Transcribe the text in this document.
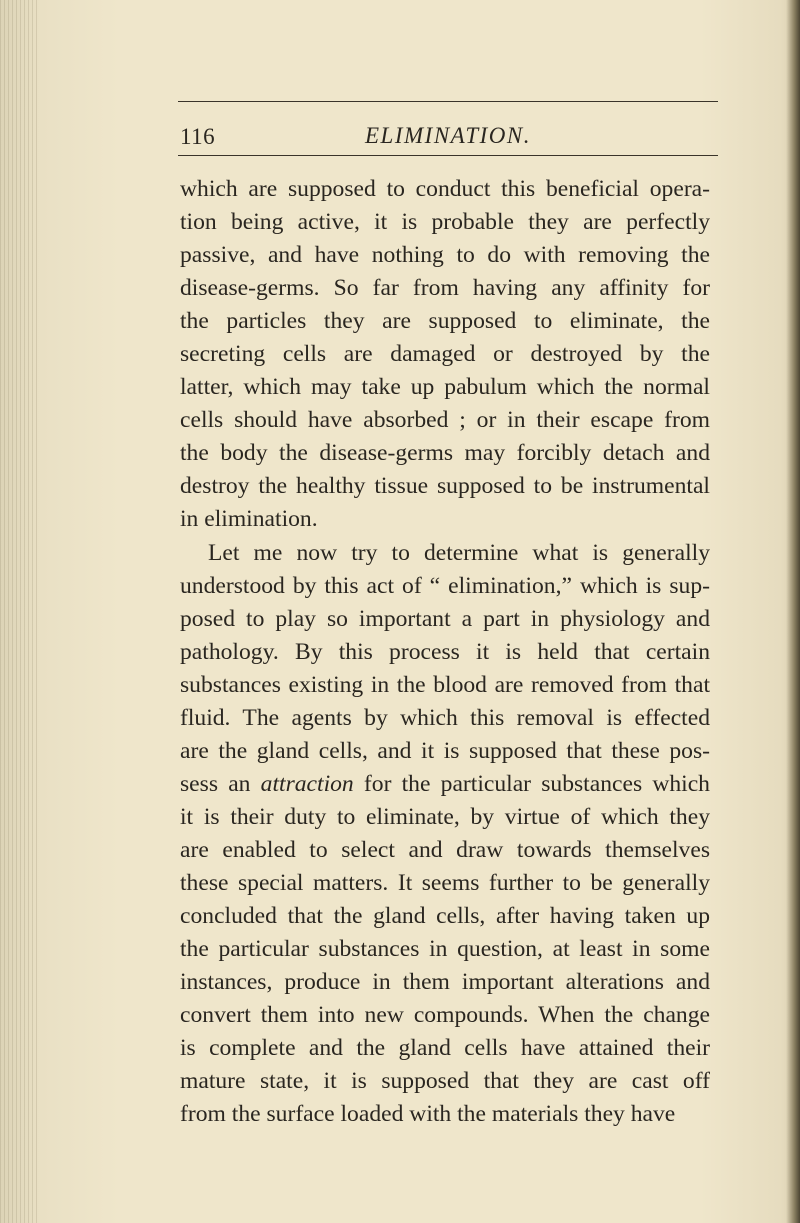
116	ELIMINATION.

which are supposed to conduct this beneficial opera-
tion being active, it is probable they are perfectly
passive, and have nothing to do with removing the
disease-germs. So far from having any affinity for
the particles they are supposed to eliminate, the
secreting cells are damaged or destroyed by the
latter, which may take up pabulum which the normal
cells should have absorbed ; or in their escape from
the body the disease-germs may forcibly detach and
destroy the healthy tissue supposed to be instrumental
in elimination.

Let me now try to determine what is generally
understood by this act of “ elimination,” which is sup-
posed to play so important a part in physiology and
pathology. By this process it is held that certain
substances existing in the blood are removed from that
fluid. The agents by which this removal is effected
are the gland cells, and it is supposed that these pos-
sess an attraction for the particular substances which
it is their duty to eliminate, by virtue of which they
are enabled to select and draw towards themselves
these special matters. It seems further to be generally
concluded that the gland cells, after having taken up
the particular substances in question, at least in some
instances, produce in them important alterations and
convert them into new compounds. When the change
is complete and the gland cells have attained their
mature state, it is supposed that they are cast off
from the surface loaded with the materials they have
